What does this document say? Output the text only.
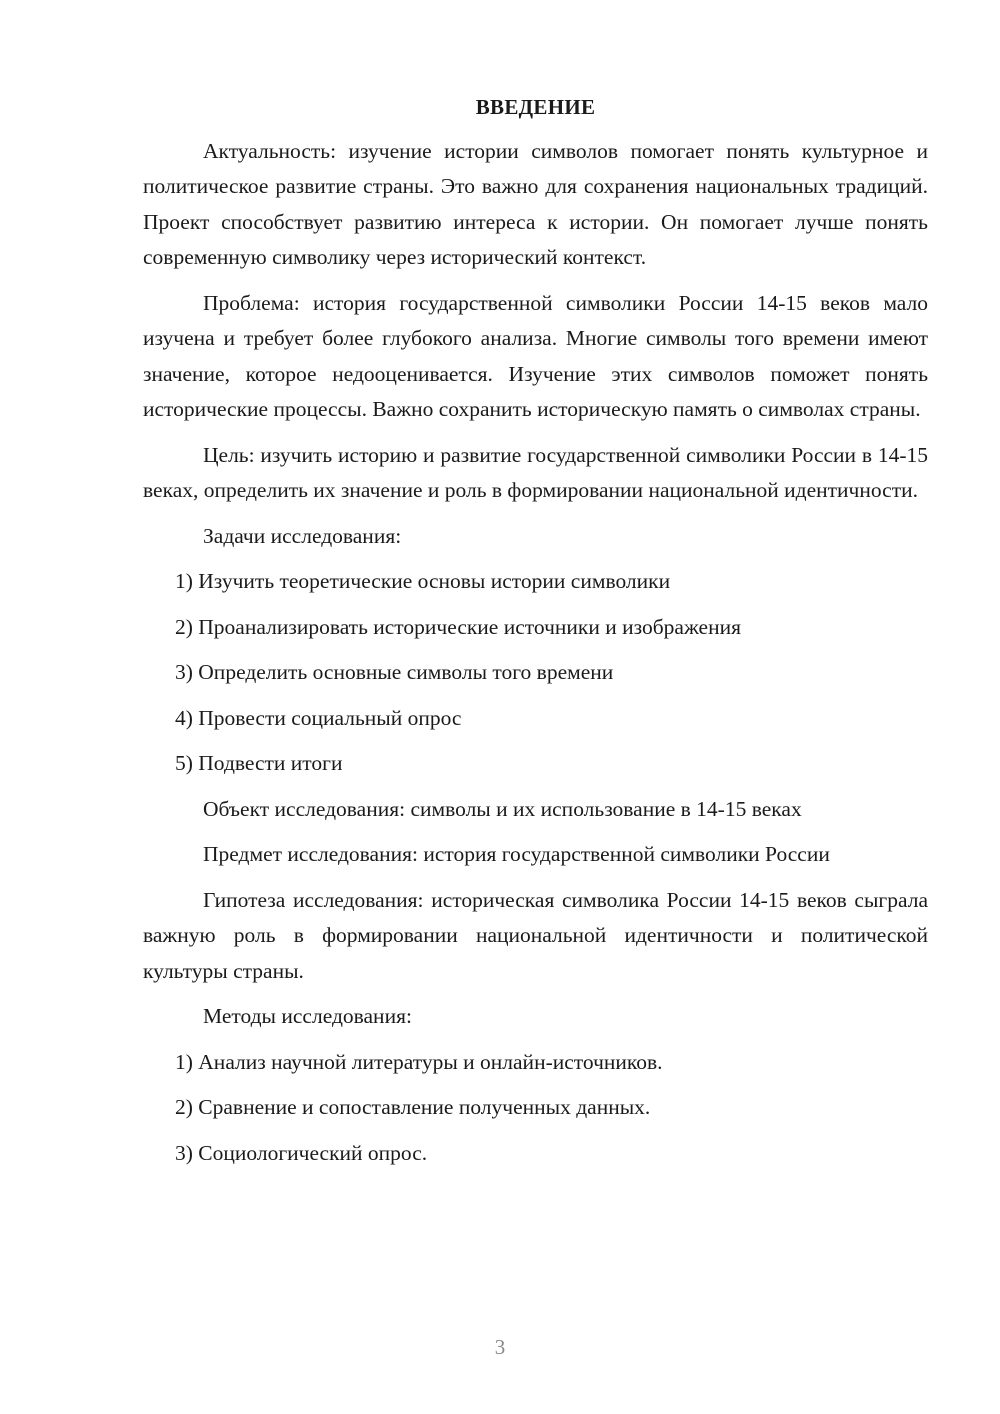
ВВЕДЕНИЕ

Актуальность: изучение истории символов помогает понять культурное и политическое развитие страны. Это важно для сохранения национальных традиций. Проект способствует развитию интереса к истории. Он помогает лучше понять современную символику через исторический контекст.

Проблема: история государственной символики России 14-15 веков мало изучена и требует более глубокого анализа. Многие символы того времени имеют значение, которое недооценивается. Изучение этих символов поможет понять исторические процессы. Важно сохранить историческую память о символах страны.

Цель: изучить историю и развитие государственной символики России в 14-15 веках, определить их значение и роль в формировании национальной идентичности.

Задачи исследования:

1) Изучить теоретические основы истории символики

2) Проанализировать исторические источники и изображения

3) Определить основные символы того времени

4) Провести социальный опрос

5) Подвести итоги

Объект исследования: символы и их использование в 14-15 веках

Предмет исследования: история государственной символики России

Гипотеза исследования: историческая символика России 14-15 веков сыграла важную роль в формировании национальной идентичности и политической культуры страны.

Методы исследования:

1) Анализ научной литературы и онлайн-источников.

2) Сравнение и сопоставление полученных данных.

3) Социологический опрос.

3
